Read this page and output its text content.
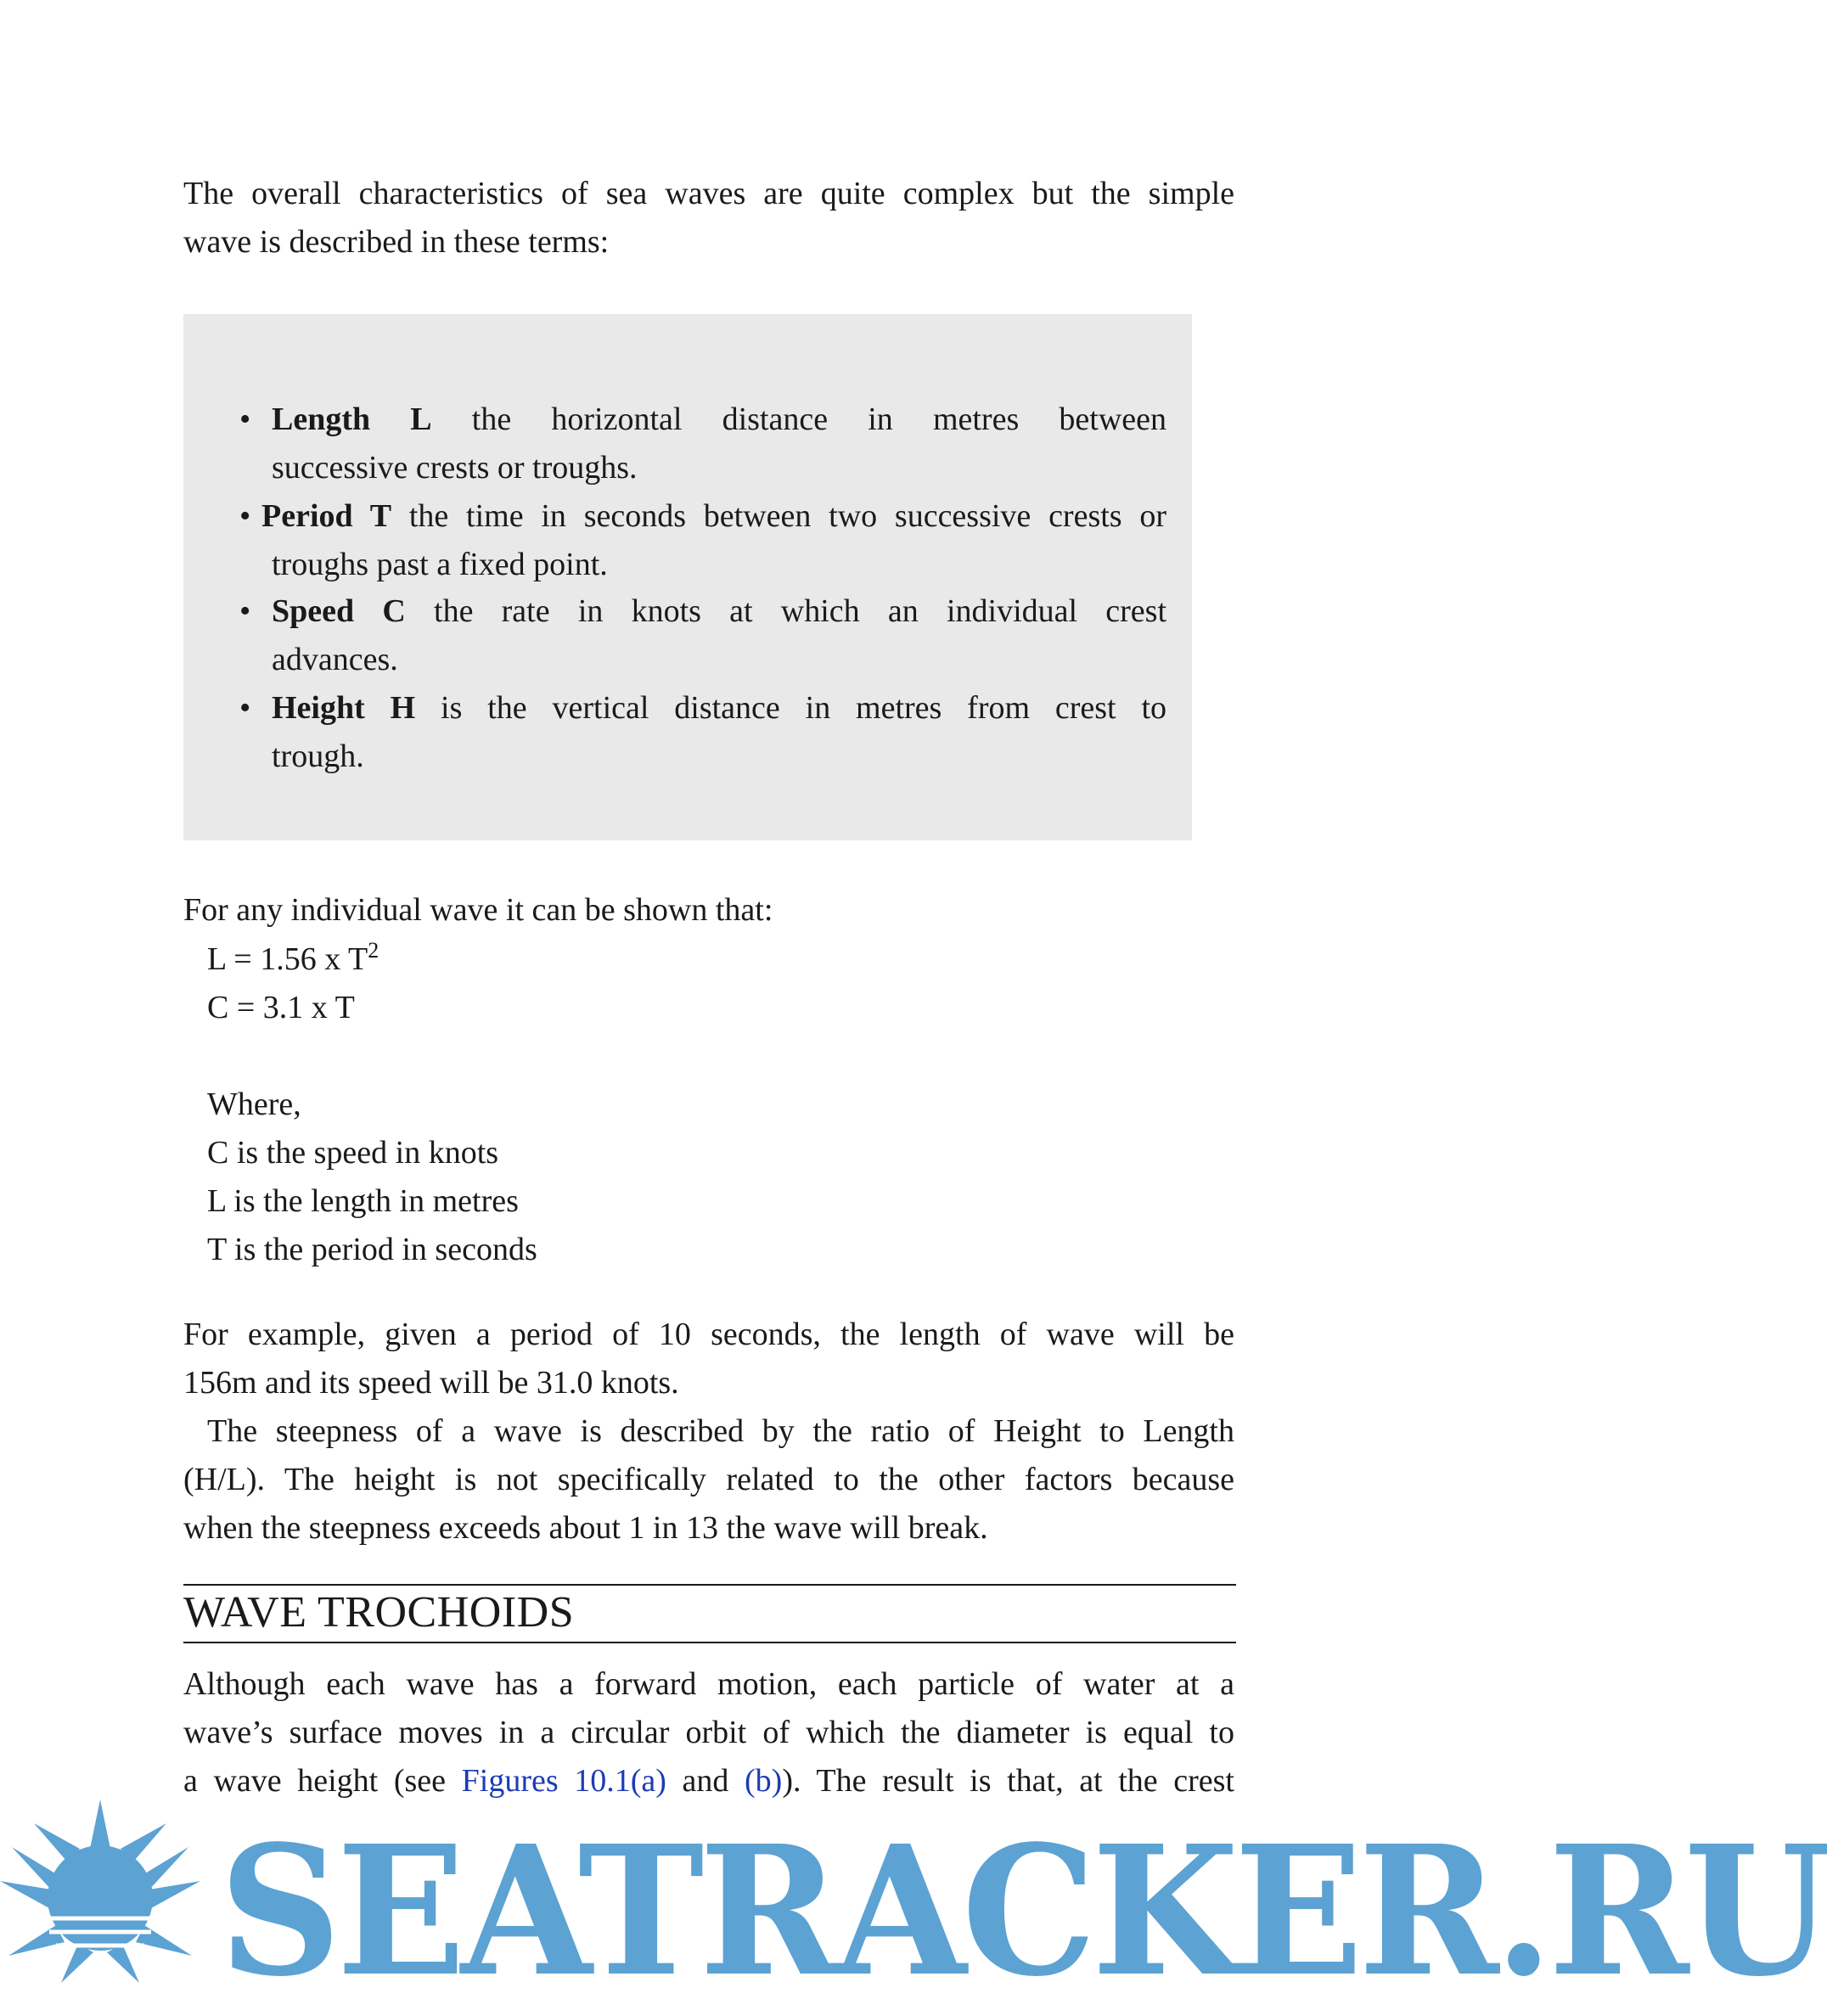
The overall characteristics of sea waves are quite complex but the simple

wave is described in these terms:

• Length L the horizontal distance in metres between
successive crests or troughs.
• Period T the time in seconds between two successive crests or
troughs past a fixed point.
• Speed C the rate in knots at which an individual crest
advances.
• Height H is the vertical distance in metres from crest to
trough.

For any individual wave it can be shown that:

L = 1.56 x $T^2$

C = 3.1 x T

Where,

C is the speed in knots

L is the length in metres

T is the period in seconds

For example, given a period of 10 seconds, the length of wave will be

156m and its speed will be 31.0 knots.

The steepness of a wave is described by the ratio of Height to Length

(H/L). The height is not specifically related to the other factors because

when the steepness exceeds about 1 in 13 the wave will break.

WAVE TROCHOIDS

Although each wave has a forward motion, each particle of water at a

wave’s surface moves in a circular orbit of which the diameter is equal to

a wave height (see Figures 10.1(a) and (b)). The result is that, at the crest

SEATRACKER.RU
